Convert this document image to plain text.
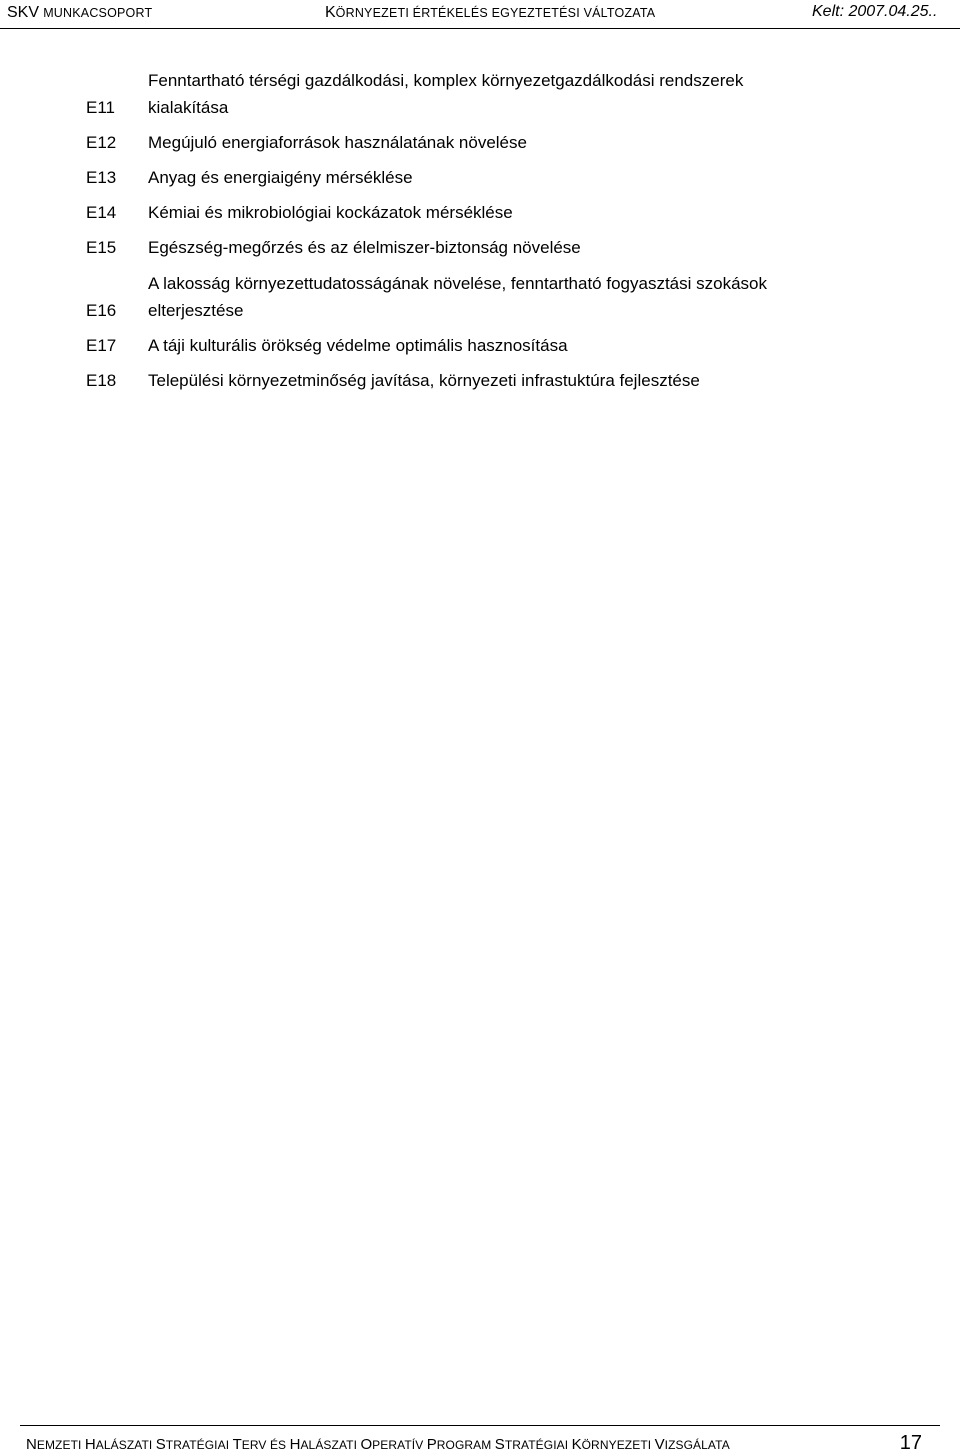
SKV MUNKACSOPORT	KÖRNYEZETI ÉRTÉKELÉS EGYEZTETÉSI VÁLTOZATA	Kelt: 2007.04.25..
E11
Fenntartható térségi gazdálkodási, komplex környezetgazdálkodási rendszerek
kialakítása
E12 Megújuló energiaforrások használatának növelése
E13 Anyag és energiaigény mérséklése
E14 Kémiai és mikrobiológiai kockázatok mérséklése
E15 Egészség-megőrzés és az élelmiszer-biztonság növelése
E16
A lakosság környezettudatosságának növelése, fenntartható fogyasztási szokások
elterjesztése
E17 A táji kulturális örökség védelme optimális hasznosítása
E18 Települési környezetminőség javítása, környezeti infrastuktúra fejlesztése
NEMZETI HALÁSZATI STRATÉGIAI TERV ÉS HALÁSZATI OPERATÍV PROGRAM STRATÉGIAI KÖRNYEZETI VIZSGÁLATA	17
